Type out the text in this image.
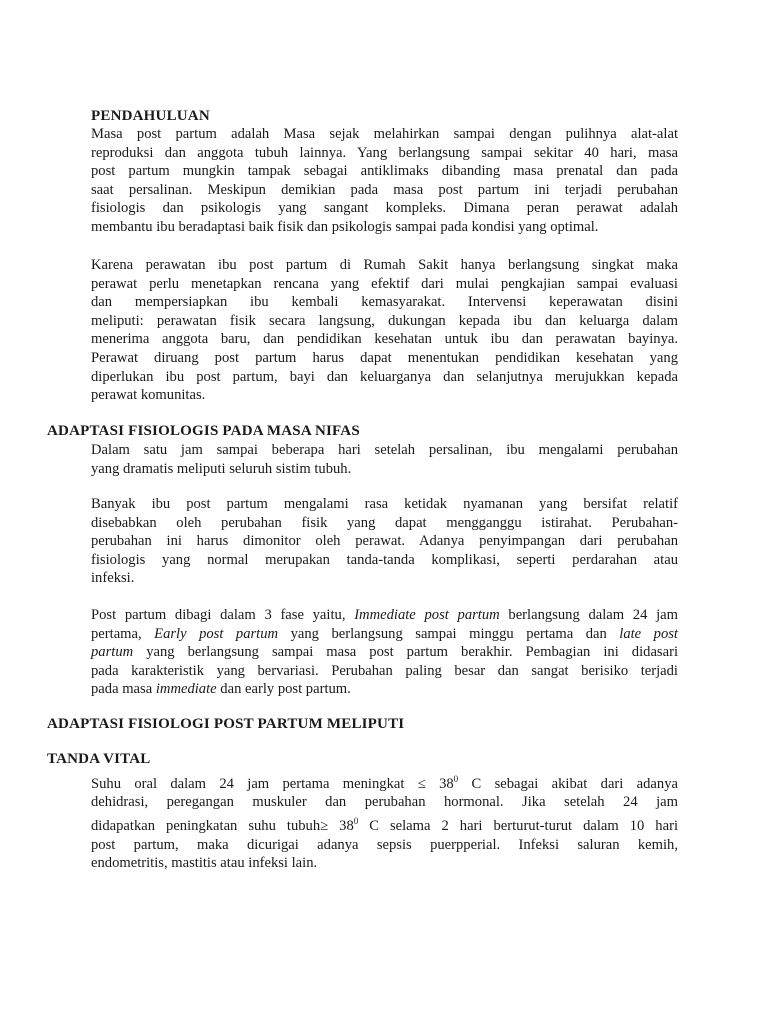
PENDAHULUAN
Masa post partum adalah Masa sejak melahirkan sampai dengan pulihnya alat-alat
reproduksi dan anggota tubuh lainnya. Yang berlangsung sampai sekitar 40 hari, masa
post partum mungkin tampak sebagai antiklimaks dibanding masa prenatal dan pada
saat persalinan. Meskipun demikian pada masa post partum ini terjadi perubahan
fisiologis dan psikologis yang sangant kompleks. Dimana peran perawat adalah
membantu ibu beradaptasi baik fisik dan psikologis sampai pada kondisi yang optimal.
Karena perawatan ibu post partum di Rumah Sakit hanya berlangsung singkat maka
perawat perlu menetapkan rencana yang efektif dari mulai pengkajian sampai evaluasi
dan mempersiapkan ibu kembali kemasyarakat. Intervensi keperawatan disini
meliputi: perawatan fisik secara langsung, dukungan kepada ibu dan keluarga dalam
menerima anggota baru, dan pendidikan kesehatan untuk ibu dan perawatan bayinya.
Perawat diruang post partum harus dapat menentukan pendidikan kesehatan yang
diperlukan ibu post partum, bayi dan keluarganya dan selanjutnya merujukkan kepada
perawat komunitas.
ADAPTASI FISIOLOGIS PADA MASA NIFAS
Dalam satu jam sampai beberapa hari setelah persalinan, ibu mengalami perubahan
yang dramatis meliputi seluruh sistim tubuh.
Banyak ibu post partum mengalami rasa ketidak nyamanan yang bersifat relatif
disebabkan oleh perubahan fisik yang dapat mengganggu istirahat. Perubahan-
perubahan ini harus dimonitor oleh perawat. Adanya penyimpangan dari perubahan
fisiologis yang normal merupakan tanda-tanda komplikasi, seperti perdarahan atau
infeksi.
Post partum dibagi dalam 3 fase yaitu, Immediate post partum berlangsung dalam 24 jam
pertama, Early post partum yang berlangsung sampai minggu pertama dan late post
partum yang berlangsung sampai masa post partum berakhir. Pembagian ini didasari
pada karakteristik yang bervariasi. Perubahan paling besar dan sangat berisiko terjadi
pada masa immediate dan early post partum.
ADAPTASI FISIOLOGI POST PARTUM MELIPUTI
TANDA VITAL
Suhu oral dalam 24 jam pertama meningkat ≤ $38^0$ C sebagai akibat dari adanya
dehidrasi, peregangan muskuler dan perubahan hormonal. Jika setelah 24 jam
didapatkan peningkatan suhu tubuh≥ $38^0$ C selama 2 hari berturut-turut dalam 10 hari
post partum, maka dicurigai adanya sepsis puerpperial. Infeksi saluran kemih,
endometritis, mastitis atau infeksi lain.
